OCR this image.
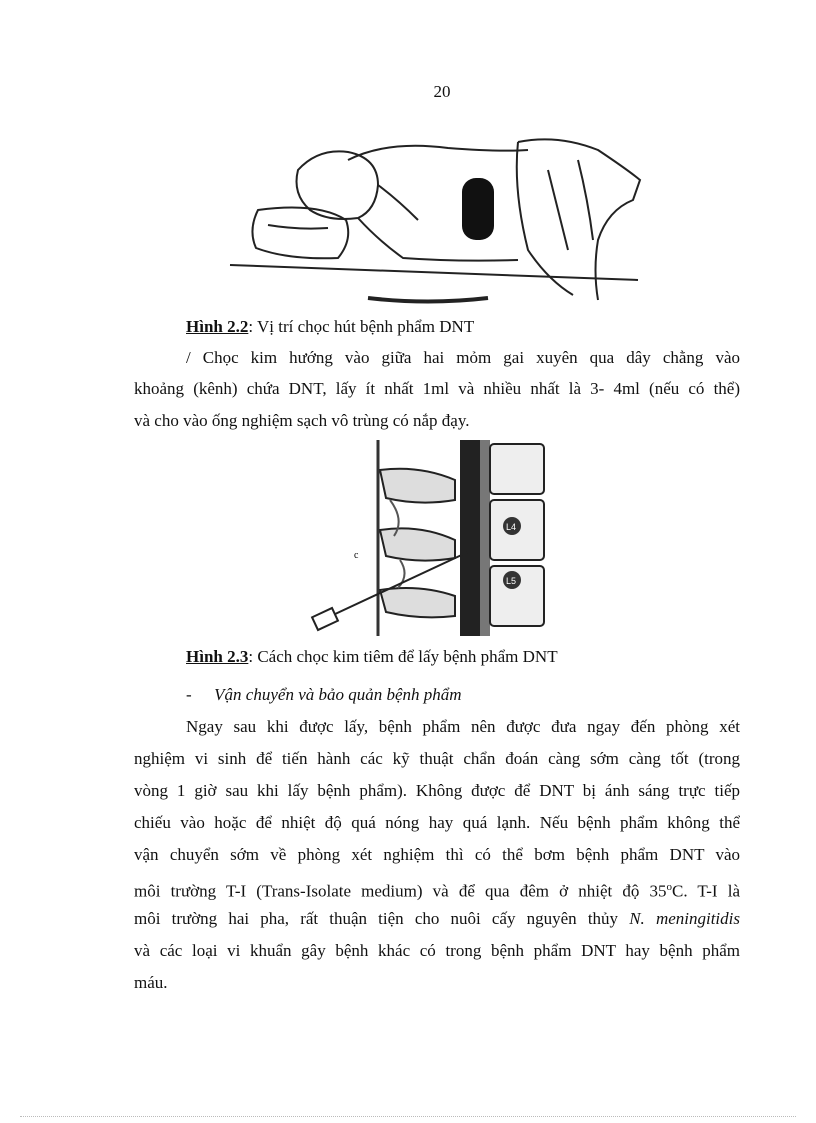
20
Hình 2.2: Vị trí chọc hút bệnh phẩm DNT
/ Chọc kim hướng vào giữa hai mỏm gai xuyên qua dây chằng vào
khoảng (kênh) chứa DNT, lấy ít nhất 1ml và nhiều nhất là 3- 4ml (nếu có thể)
và cho vào ống nghiệm sạch vô trùng có nắp đạy.
c
L4
L5
Hình 2.3: Cách chọc kim tiêm để lấy bệnh phẩm DNT
- Vận chuyển và bảo quản bệnh phẩm
Ngay sau khi được lấy, bệnh phẩm nên được đưa ngay đến phòng xét
nghiệm vi sinh để tiến hành các kỹ thuật chẩn đoán càng sớm càng tốt (trong
vòng 1 giờ sau khi lấy bệnh phẩm). Không được để DNT bị ánh sáng trực tiếp
chiếu vào hoặc để nhiệt độ quá nóng hay quá lạnh. Nếu bệnh phẩm không thể
vận chuyển sớm về phòng xét nghiệm thì có thể bơm bệnh phẩm DNT vào
môi trường T-I (Trans-Isolate medium) và để qua đêm ở nhiệt độ 35$^o$C. T-I là
môi trường hai pha, rất thuận tiện cho nuôi cấy nguyên thủy N. meningitidis
và các loại vi khuẩn gây bệnh khác có trong bệnh phẩm DNT hay bệnh phẩm
máu.
